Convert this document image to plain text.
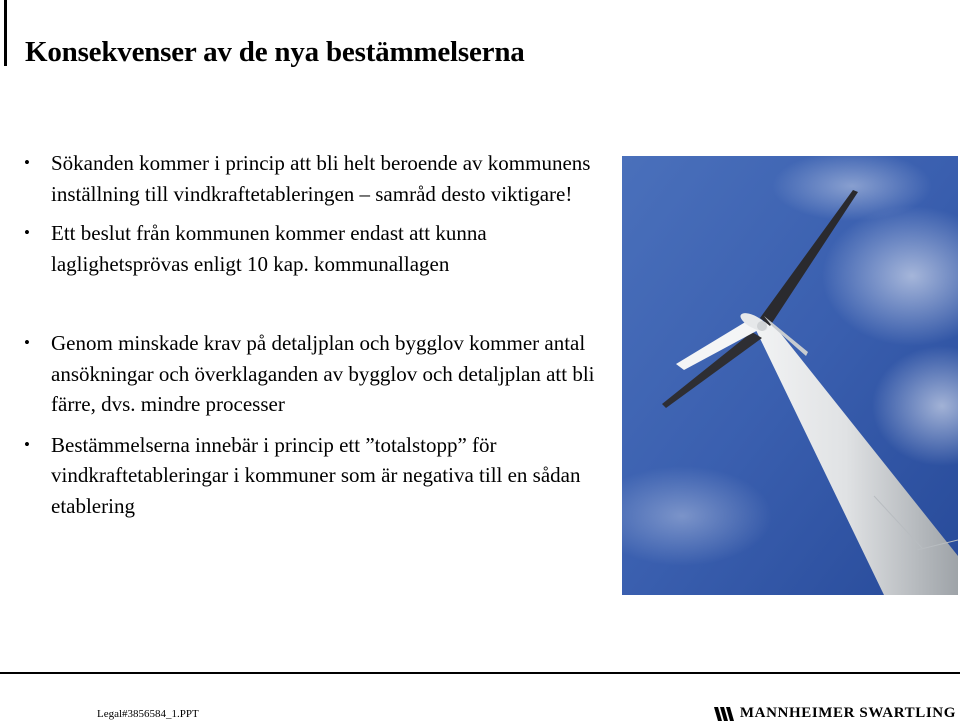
Konsekvenser av de nya bestämmelserna
• Sökanden kommer i princip att bli helt beroende av kommunens inställning till vindkraftetableringen – samråd desto viktigare!
• Ett beslut från kommunen kommer endast att kunna laglighetsprövas enligt 10 kap. kommunallagen
• Genom minskade krav på detaljplan och bygglov kommer antal ansökningar och överklaganden av bygglov och detaljplan att bli färre, dvs. mindre processer
• Bestämmelserna innebär i princip ett ”totalstopp” för vindkraftetableringar i kommuner som är negativa till en sådan etablering
Legal#3856584_1.PPT	MANNHEIMER SWARTLING
